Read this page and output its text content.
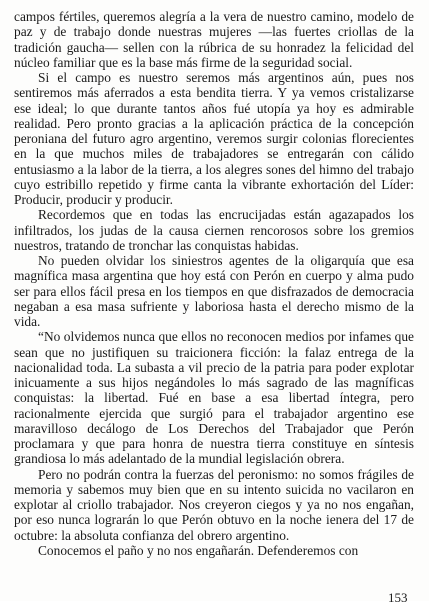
campos fértiles, queremos alegría a la vera de nuestro camino, modelo de paz y de trabajo donde nuestras mujeres —las fuertes criollas de la tradición gaucha— sellen con la rúbrica de su honradez la felicidad del núcleo familiar que es la base más firme de la seguridad social.

Si el campo es nuestro seremos más argentinos aún, pues nos sentiremos más aferrados a esta bendita tierra. Y ya vemos cristalizarse ese ideal; lo que durante tantos años fué utopía ya hoy es admirable realidad. Pero pronto gracias a la aplicación práctica de la concepción peroniana del futuro agro argentino, veremos surgir colonias florecientes en la que muchos miles de trabajadores se entregarán con cálido entusiasmo a la labor de la tierra, a los alegres sones del himno del trabajo cuyo estribillo repetido y firme canta la vibrante exhortación del Líder: Producir, producir y producir.

Recordemos que en todas las encrucijadas están agazapados los infiltrados, los judas de la causa ciernen rencorosos sobre los gremios nuestros, tratando de tronchar las conquistas habidas.

No pueden olvidar los siniestros agentes de la oligarquía que esa magnífica masa argentina que hoy está con Perón en cuerpo y alma pudo ser para ellos fácil presa en los tiempos en que disfrazados de democracia negaban a esa masa sufriente y laboriosa hasta el derecho mismo de la vida.

“No olvidemos nunca que ellos no reconocen medios por infames que sean que no justifiquen su traicionera ficción: la falaz entrega de la nacionalidad toda. La subasta a vil precio de la patria para poder explotar inicuamente a sus hijos negándoles lo más sagrado de las magníficas conquistas: la libertad. Fué en base a esa libertad íntegra, pero racionalmente ejercida que surgió para el trabajador argentino ese maravilloso decálogo de Los Derechos del Trabajador que Perón proclamara y que para honra de nuestra tierra constituye en síntesis grandiosa lo más adelantado de la mundial legislación obrera.

Pero no podrán contra la fuerzas del peronismo: no somos frágiles de memoria y sabemos muy bien que en su intento suicida no vacilaron en explotar al criollo trabajador. Nos creyeron ciegos y ya no nos engañan, por eso nunca lograrán lo que Perón obtuvo en la noche ienera del 17 de octubre: la absoluta confianza del obrero argentino.

Conocemos el paño y no nos engañarán. Defenderemos con

153
